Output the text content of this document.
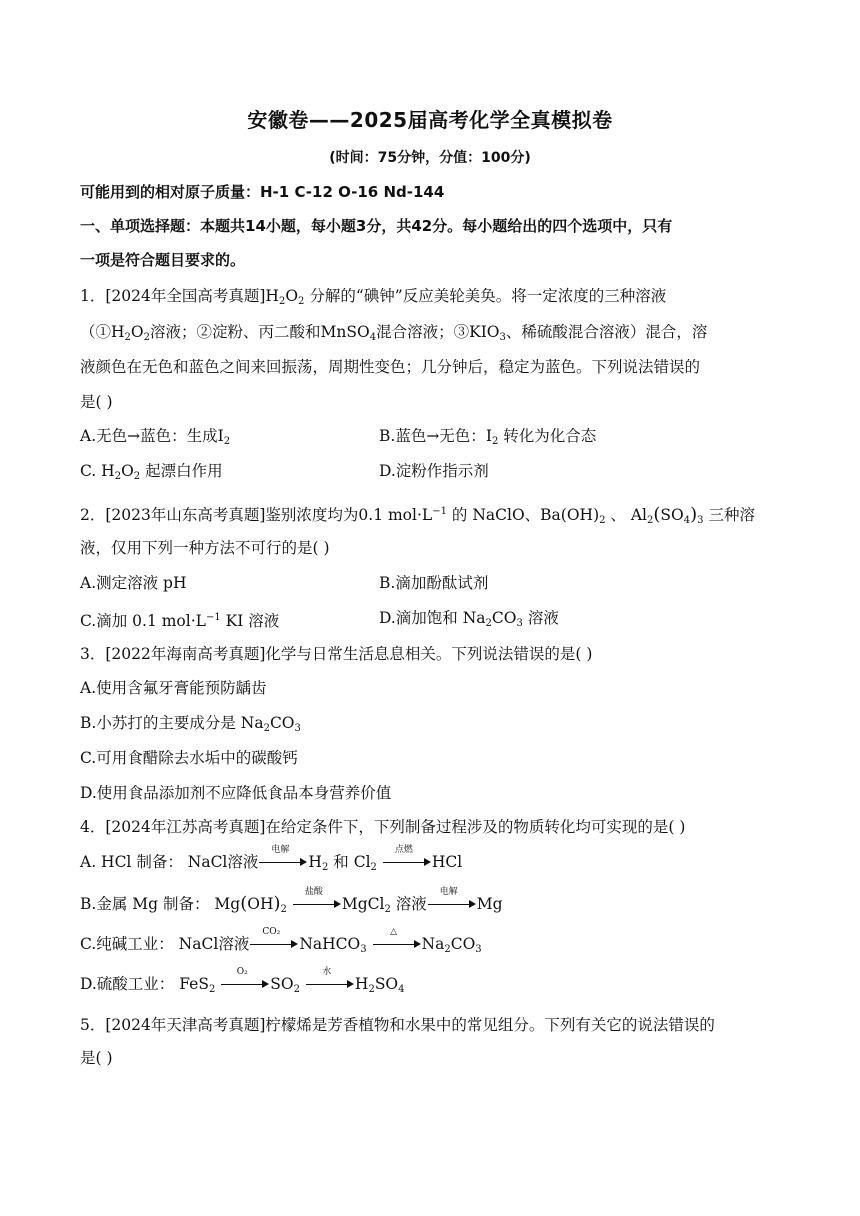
安徽卷——2025届高考化学全真模拟卷
(时间：75分钟，分值：100分)
可能用到的相对原子质量：H-1 C-12 O-16 Nd-144
一、单项选择题：本题共14小题，每小题3分，共42分。每小题给出的四个选项中，只有
一项是符合题目要求的。
1．[2024年全国高考真题]$H_2O_2$ 分解的“碘钟”反应美轮美奂。将一定浓度的三种溶液
（$①H_2O_2$溶液；②淀粉、丙二酸和MnSO$_4$混合溶液；$③KIO_3$、稀硫酸混合溶液）混合，溶
液颜色在无色和蓝色之间来回振荡，周期性变色；几分钟后，稳定为蓝色。下列说法错误的
是( )
A.无色→蓝色：生成$I_2$	B.蓝色→无色：$I_2$ 转化为化合态
C. $H_2O_2$ 起漂白作用	D.淀粉作指示剂
2．[2023年山东高考真题]鉴别浓度均为0.1 $mol\cdot L^{-1}$ 的 NaClO、$Ba(OH)_2$ 、 $Al_2(SO_4)_3$ 三种溶
液，仅用下列一种方法不可行的是( )
A.测定溶液 pH	B.滴加酚酞试剂
C.滴加 0.1 $mol\cdot L^{-1}$ KI 溶液	D.滴加饱和 $Na_2CO_3$ 溶液
3．[2022年海南高考真题]化学与日常生活息息相关。下列说法错误的是( )
A.使用含氟牙膏能预防龋齿
B.小苏打的主要成分是 $Na_2CO_3$
C.可用食醋除去水垢中的碳酸钙
D.使用食品添加剂不应降低食品本身营养价值
4．[2024年江苏高考真题]在给定条件下，下列制备过程涉及的物质转化均可实现的是( )
A. HCl 制备： NaCl溶液
电解
$H_2$ 和 $Cl_2$
点燃
HCl
B.金属 Mg 制备： $Mg(OH)_2$
盐酸
MgCl$_2$ 溶液
电解
Mg
C.纯碱工业： NaCl溶液
CO₂
NaHCO$_3$
△
$Na_2CO_3$
D.硫酸工业： FeS$_2$
O₂
$SO_2$
水
$H_2SO_4$
5．[2024年天津高考真题]柠檬烯是芳香植物和水果中的常见组分。下列有关它的说法错误的
是( )
